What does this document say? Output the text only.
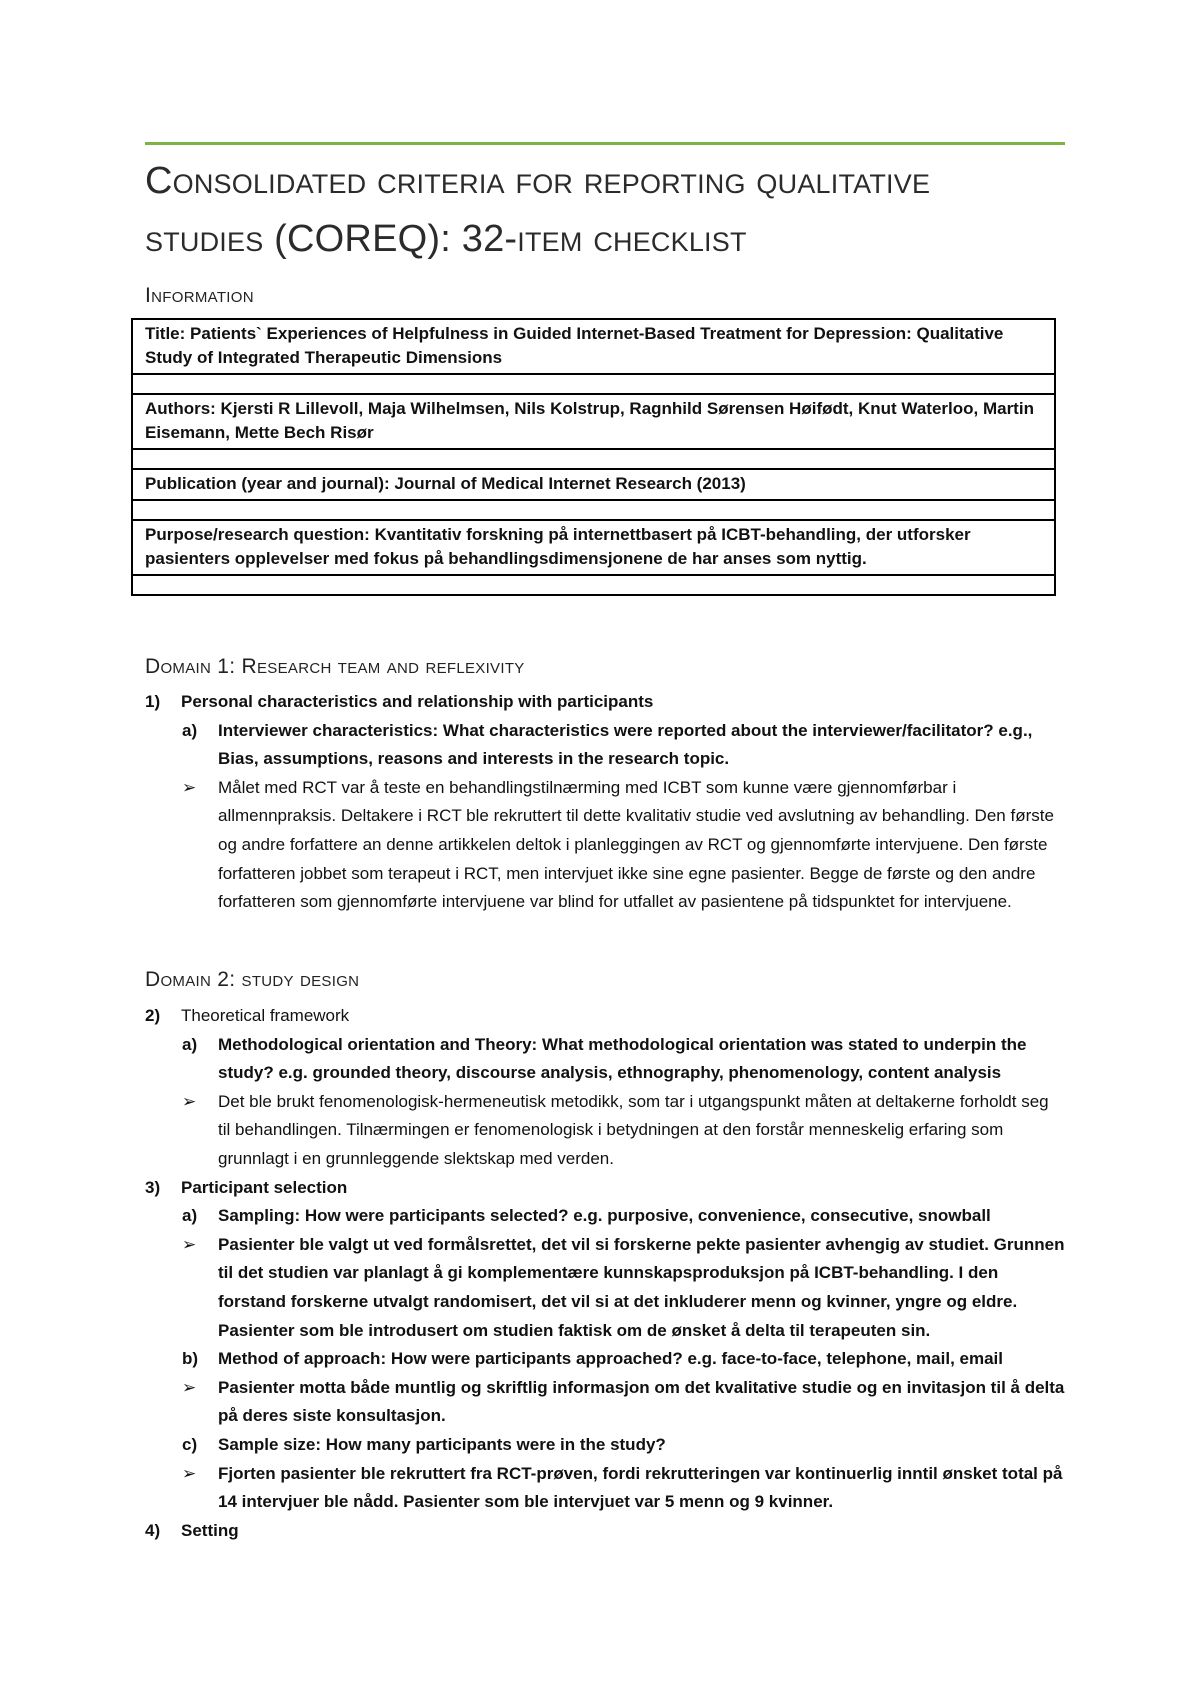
Consolidated criteria for reporting qualitative
studies (COREQ): 32-item checklist
Information
Title: Patients` Experiences of Helpfulness in Guided Internet-Based Treatment for Depression: Qualitative Study of Integrated Therapeutic Dimensions

Authors: Kjersti R Lillevoll, Maja Wilhelmsen, Nils Kolstrup, Ragnhild Sørensen Høifødt, Knut Waterloo, Martin Eisemann, Mette Bech Risør

Publication (year and journal): Journal of Medical Internet Research (2013)

Purpose/research question: Kvantitativ forskning på internettbasert på ICBT-behandling, der utforsker pasienters opplevelser med fokus på behandlingsdimensjonene de har anses som nyttig.

Domain 1: Research team and reflexivity
1)	Personal characteristics and relationship with participants
a) Interviewer characteristics: What characteristics were reported about the interviewer/facilitator? e.g., Bias, assumptions, reasons and interests in the research topic.
➢ Målet med RCT var å teste en behandlingstilnærming med ICBT som kunne være gjennomførbar i allmennpraksis. Deltakere i RCT ble rekruttert til dette kvalitativ studie ved avslutning av behandling. Den første og andre forfattere an denne artikkelen deltok i planleggingen av RCT og gjennomførte intervjuene. Den første forfatteren jobbet som terapeut i RCT, men intervjuet ikke sine egne pasienter. Begge de første og den andre forfatteren som gjennomførte intervjuene var blind for utfallet av pasientene på tidspunktet for intervjuene.
Domain 2: study design
2)	Theoretical framework
a) Methodological orientation and Theory: What methodological orientation was stated to underpin the study? e.g. grounded theory, discourse analysis, ethnography, phenomenology, content analysis
➢ Det ble brukt fenomenologisk-hermeneutisk metodikk, som tar i utgangspunkt måten at deltakerne forholdt seg til behandlingen. Tilnærmingen er fenomenologisk i betydningen at den forstår menneskelig erfaring som grunnlagt i en grunnleggende slektskap med verden.
3)	Participant selection
a) Sampling: How were participants selected? e.g. purposive, convenience, consecutive, snowball
➢ Pasienter ble valgt ut ved formålsrettet, det vil si forskerne pekte pasienter avhengig av studiet. Grunnen til det studien var planlagt å gi komplementære kunnskapsproduksjon på ICBT-behandling. I den forstand forskerne utvalgt randomisert, det vil si at det inkluderer menn og kvinner, yngre og eldre. Pasienter som ble introdusert om studien faktisk om de ønsket å delta til terapeuten sin.
b) Method of approach: How were participants approached? e.g. face-to-face, telephone, mail, email
➢ Pasienter motta både muntlig og skriftlig informasjon om det kvalitative studie og en invitasjon til å delta på deres siste konsultasjon.
c) Sample size: How many participants were in the study?
➢ Fjorten pasienter ble rekruttert fra RCT-prøven, fordi rekrutteringen var kontinuerlig inntil ønsket total på 14 intervjuer ble nådd. Pasienter som ble intervjuet var 5 menn og 9 kvinner.
4)	Setting
